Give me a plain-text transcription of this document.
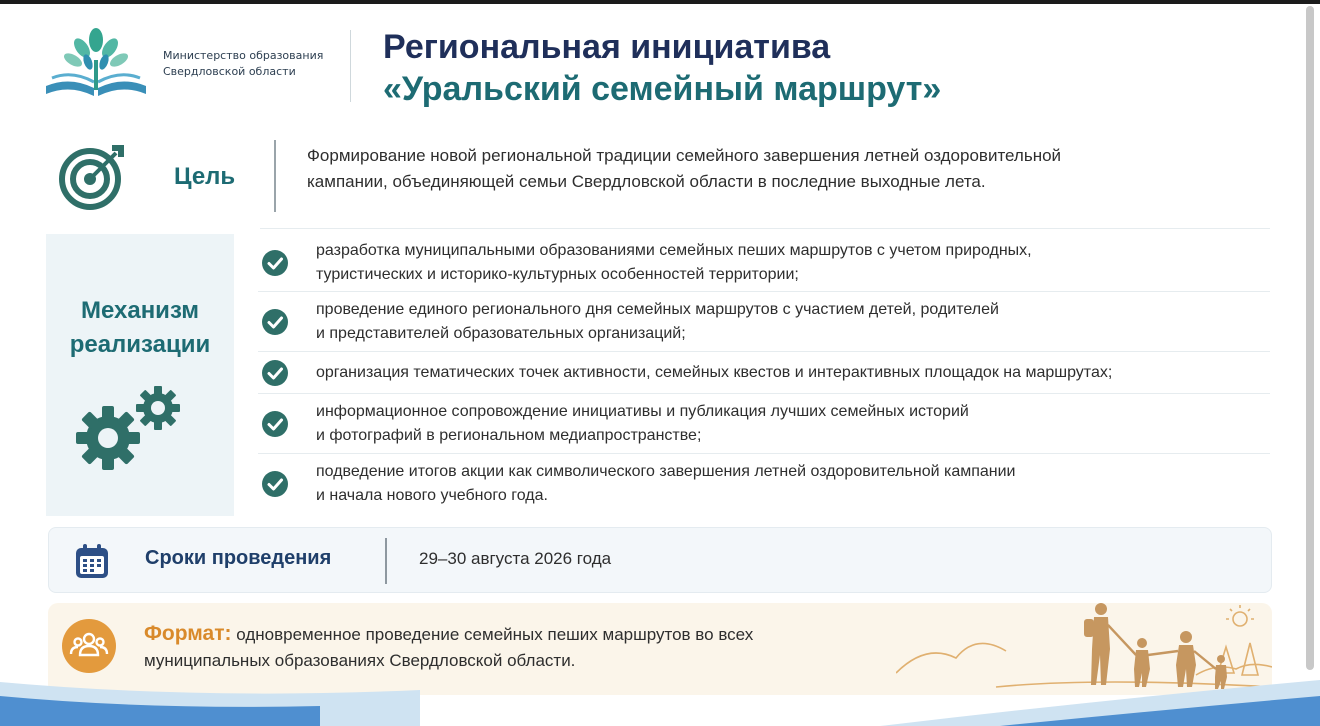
Министерство образования
Свердловской области
Региональная инициатива
«Уральский семейный маршрут»
Цель
Формирование новой региональной традиции семейного завершения летней оздоровительной кампании, объединяющей семьи Свердловской области в последние выходные лета.
Механизм реализации
разработка муниципальными образованиями семейных пеших маршрутов с учетом природных,
туристических и историко-культурных особенностей территории;
проведение единого регионального дня семейных маршрутов с участием детей, родителей
и представителей образовательных организаций;
организация тематических точек активности, семейных квестов и интерактивных площадок на маршрутах;
информационное сопровождение инициативы и публикация лучших семейных историй
и фотографий в региональном медиапространстве;
подведение итогов акции как символического завершения летней оздоровительной кампании
и начала нового учебного года.
Сроки проведения	29–30 августа 2026 года
Формат: одновременное проведение семейных пеших маршрутов во всех муниципальных образованиях Свердловской области.
